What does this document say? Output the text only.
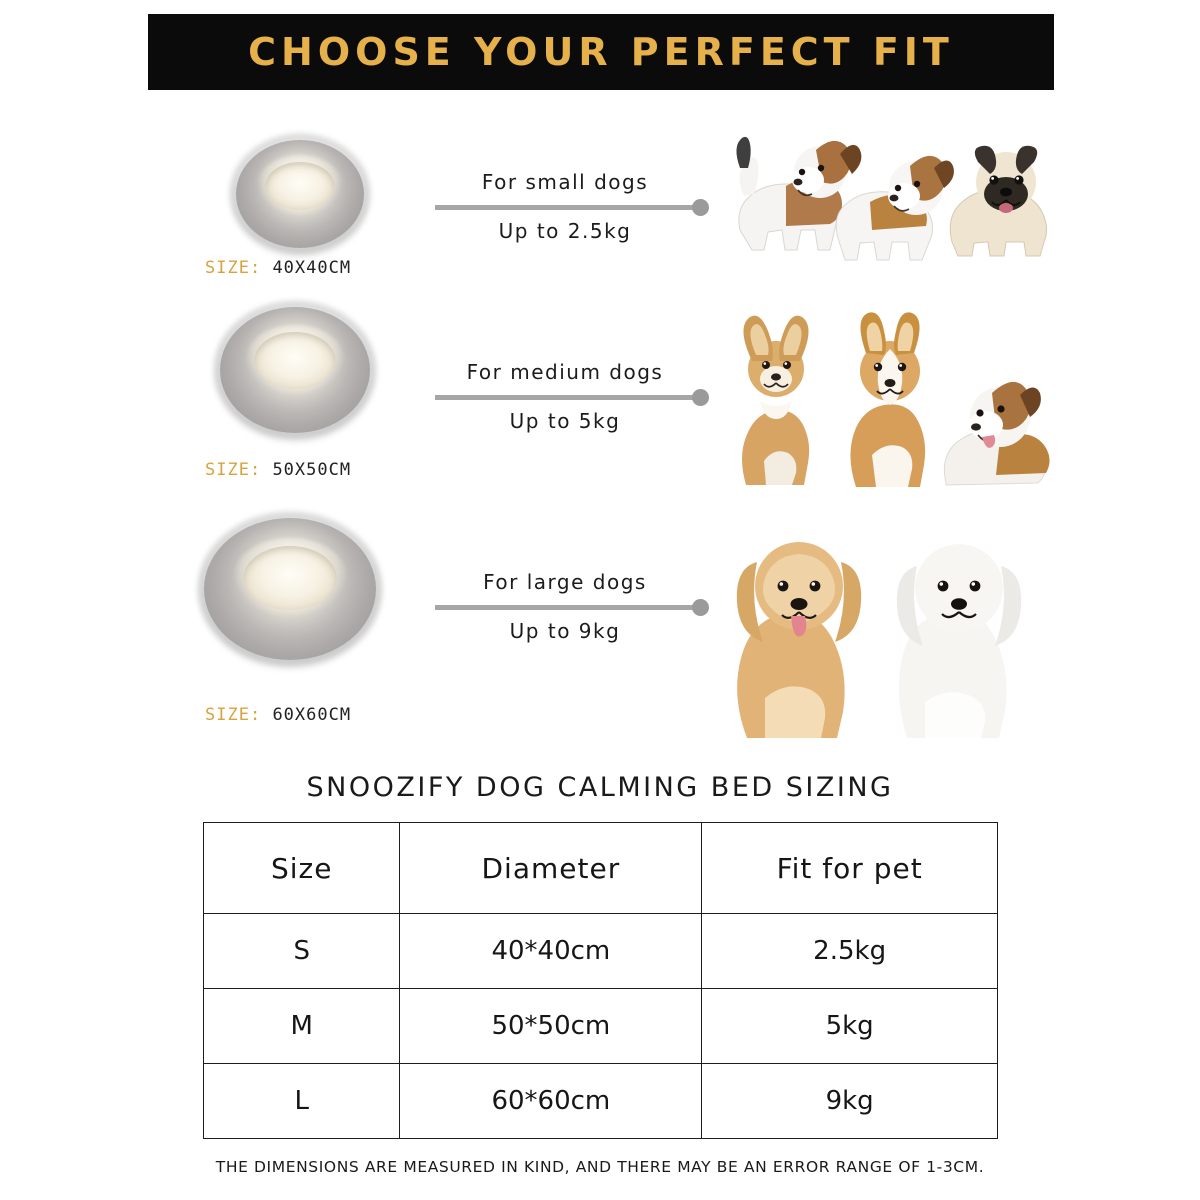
CHOOSE YOUR PERFECT FIT
SIZE: 40X40CM
For small dogs
Up to 2.5kg
SIZE: 50X50CM
For medium dogs
Up to 5kg
SIZE: 60X60CM
For large dogs
Up to 9kg
SNOOZIFY DOG CALMING BED SIZING
Size	Diameter	Fit for pet
S	40*40cm	2.5kg
M	50*50cm	5kg
L	60*60cm	9kg
THE DIMENSIONS ARE MEASURED IN KIND, AND THERE MAY BE AN ERROR RANGE OF 1-3CM.
